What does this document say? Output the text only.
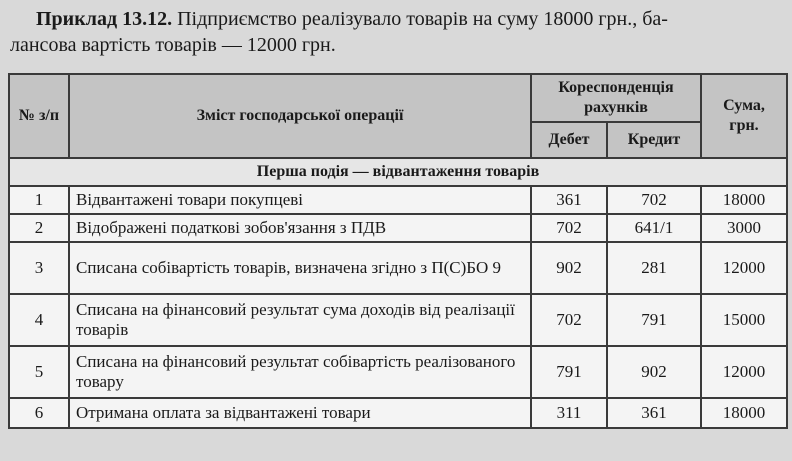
Приклад 13.12. Підприємство реалізувало товарів на суму 18000 грн., ба-
лансова вартість товарів — 12000 грн.
№ з/п	Зміст господарської операції	Кореспонденція рахунків		Сума, грн.
		Дебет	Кредит	
Перша подія — відвантаження товарів				
1	Відвантажені товари покупцеві	361	702	18000
2	Відображені податкові зобов'язання з ПДВ	702	641/1	3000
3	Списана собівартість товарів, визначена згідно з П(С)БО 9	902	281	12000
4	Списана на фінансовий результат сума доходів від реалізації товарів	702	791	15000
5	Списана на фінансовий результат собівартість реалізованого товару	791	902	12000
6	Отримана оплата за відвантажені товари	311	361	18000
